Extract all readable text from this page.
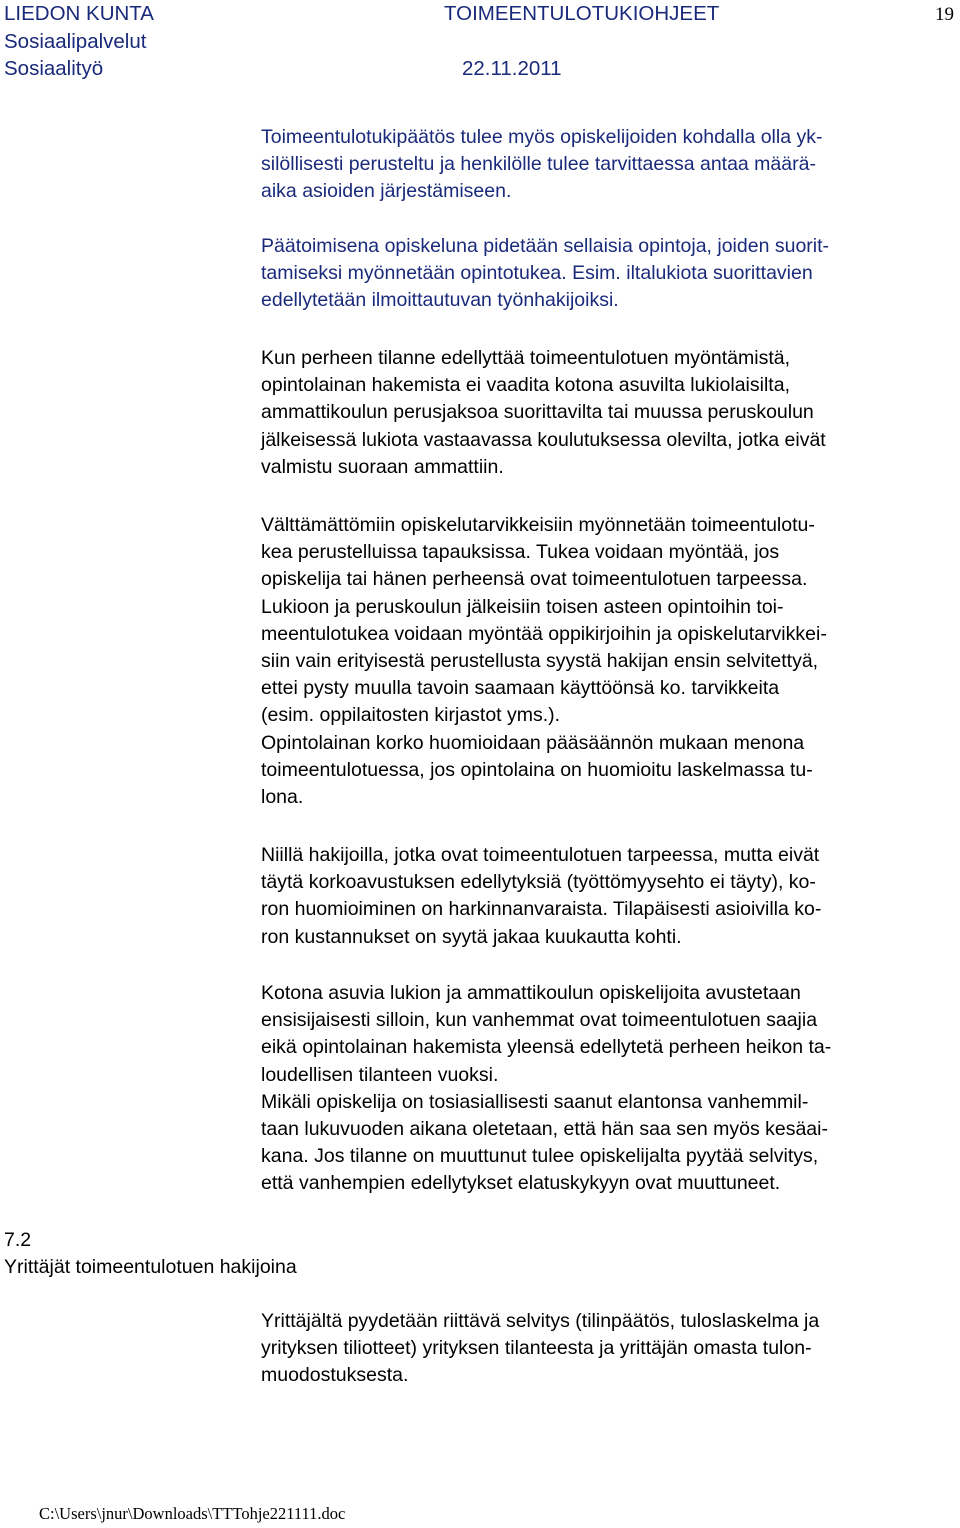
LIEDON KUNTA
Sosiaalipalvelut
Sosiaalityö
TOIMEENTULOTUKIOHJEET
22.11.2011
19

Toimeentulotukipäätös tulee myös opiskelijoiden kohdalla olla yk-
silöllisesti perusteltu ja henkilölle tulee tarvittaessa antaa määrä-
aika asioiden järjestämiseen.

Päätoimisena opiskeluna pidetään sellaisia opintoja, joiden suorit-
tamiseksi myönnetään opintotukea. Esim. iltalukiota suorittavien
edellytetään ilmoittautuvan työnhakijoiksi.

Kun perheen tilanne edellyttää toimeentulotuen myöntämistä,
opintolainan hakemista ei vaadita kotona asuvilta lukiolaisilta,
ammattikoulun perusjaksoa suorittavilta tai muussa peruskoulun
jälkeisessä lukiota vastaavassa koulutuksessa olevilta, jotka eivät
valmistu suoraan ammattiin.

Välttämättömiin opiskelutarvikkeisiin myönnetään toimeentulotu-
kea perustelluissa tapauksissa. Tukea voidaan myöntää, jos
opiskelija tai hänen perheensä ovat toimeentulotuen tarpeessa.
Lukioon ja peruskoulun jälkeisiin toisen asteen opintoihin toi-
meentulotukea voidaan myöntää oppikirjoihin ja opiskelutarvikkei-
siin vain erityisestä perustellusta syystä hakijan ensin selvitettyä,
ettei pysty muulla tavoin saamaan käyttöönsä ko. tarvikkeita
(esim. oppilaitosten kirjastot yms.).
Opintolainan korko huomioidaan pääsäännön mukaan menona
toimeentulotuessa, jos opintolaina on huomioitu laskelmassa tu-
lona.

Niillä hakijoilla, jotka ovat toimeentulotuen tarpeessa, mutta eivät
täytä korkoavustuksen edellytyksiä (työttömyysehto ei täyty), ko-
ron huomioiminen on harkinnanvaraista. Tilapäisesti asioivilla ko-
ron kustannukset on syytä jakaa kuukautta kohti.

Kotona asuvia lukion ja ammattikoulun opiskelijoita avustetaan
ensisijaisesti silloin, kun vanhemmat ovat toimeentulotuen saajia
eikä opintolainan hakemista yleensä edellytetä perheen heikon ta-
loudellisen tilanteen vuoksi.
Mikäli opiskelija on tosiasiallisesti saanut elantonsa vanhemmil-
taan lukuvuoden aikana oletetaan, että hän saa sen myös kesäai-
kana. Jos tilanne on muuttunut tulee opiskelijalta pyytää selvitys,
että vanhempien edellytykset elatuskykyyn ovat muuttuneet.

7.2
Yrittäjät toimeentulotuen hakijoina

Yrittäjältä pyydetään riittävä selvitys (tilinpäätös, tuloslaskelma ja
yrityksen tiliotteet) yrityksen tilanteesta ja yrittäjän omasta tulon-
muodostuksesta.

C:\Users\jnur\Downloads\TTTohje221111.doc
